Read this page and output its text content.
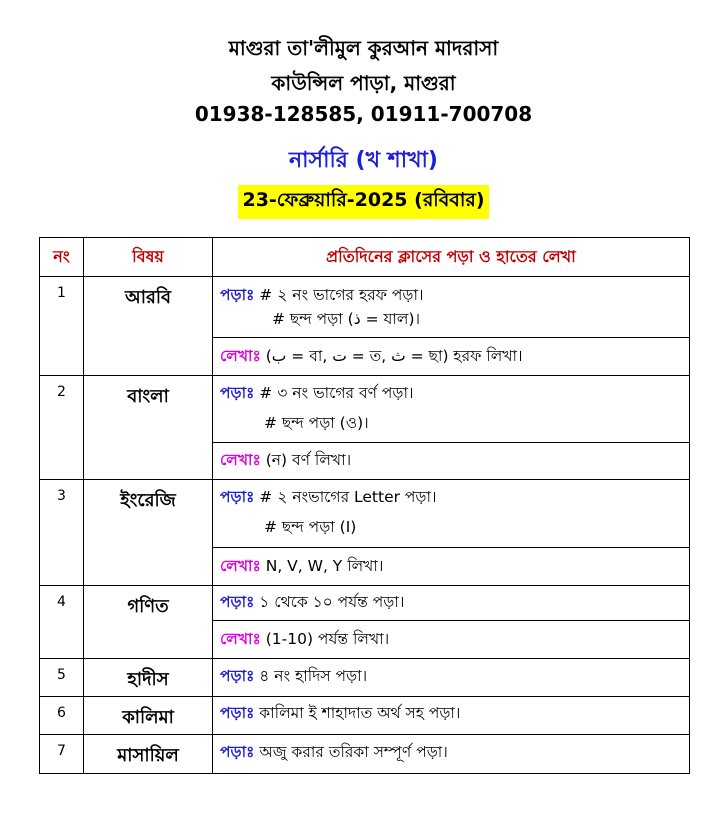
মাগুরা তা'লীমুল কুরআন মাদরাসা
কাউন্সিল পাড়া, মাগুরা
01938-128585, 01911-700708
নার্সারি (খ শাখা)
23-ফেব্রুয়ারি-2025 (রবিবার)
নং	বিষয়	প্রতিদিনের ক্লাসের পড়া ও হাতের লেখা
1	আরবি	পড়াঃ # ২ নং ভাগের হরফ পড়া।
# ছন্দ পড়া (ذ = যাল)।
		লেখাঃ (ب = বা, ت = ত, ث = ছা) হরফ লিখা।
2	বাংলা	পড়াঃ # ৩ নং ভাগের বর্ণ পড়া।
# ছন্দ পড়া (ও)।
		লেখাঃ (ন) বর্ণ লিখা।
3	ইংরেজি	পড়াঃ # ২ নংভাগের Letter পড়া।
# ছন্দ পড়া (I)
		লেখাঃ N, V, W, Y লিখা।
4	গণিত	পড়াঃ ১ থেকে ১০ পর্যন্ত পড়া।
		লেখাঃ (1-10) পর্যন্ত লিখা।
5	হাদীস	পড়াঃ ৪ নং হাদিস পড়া।
6	কালিমা	পড়াঃ কালিমা ই শাহাদাত অর্থ সহ পড়া।
7	মাসায়িল	পড়াঃ অজু করার তরিকা সম্পূর্ণ পড়া।
